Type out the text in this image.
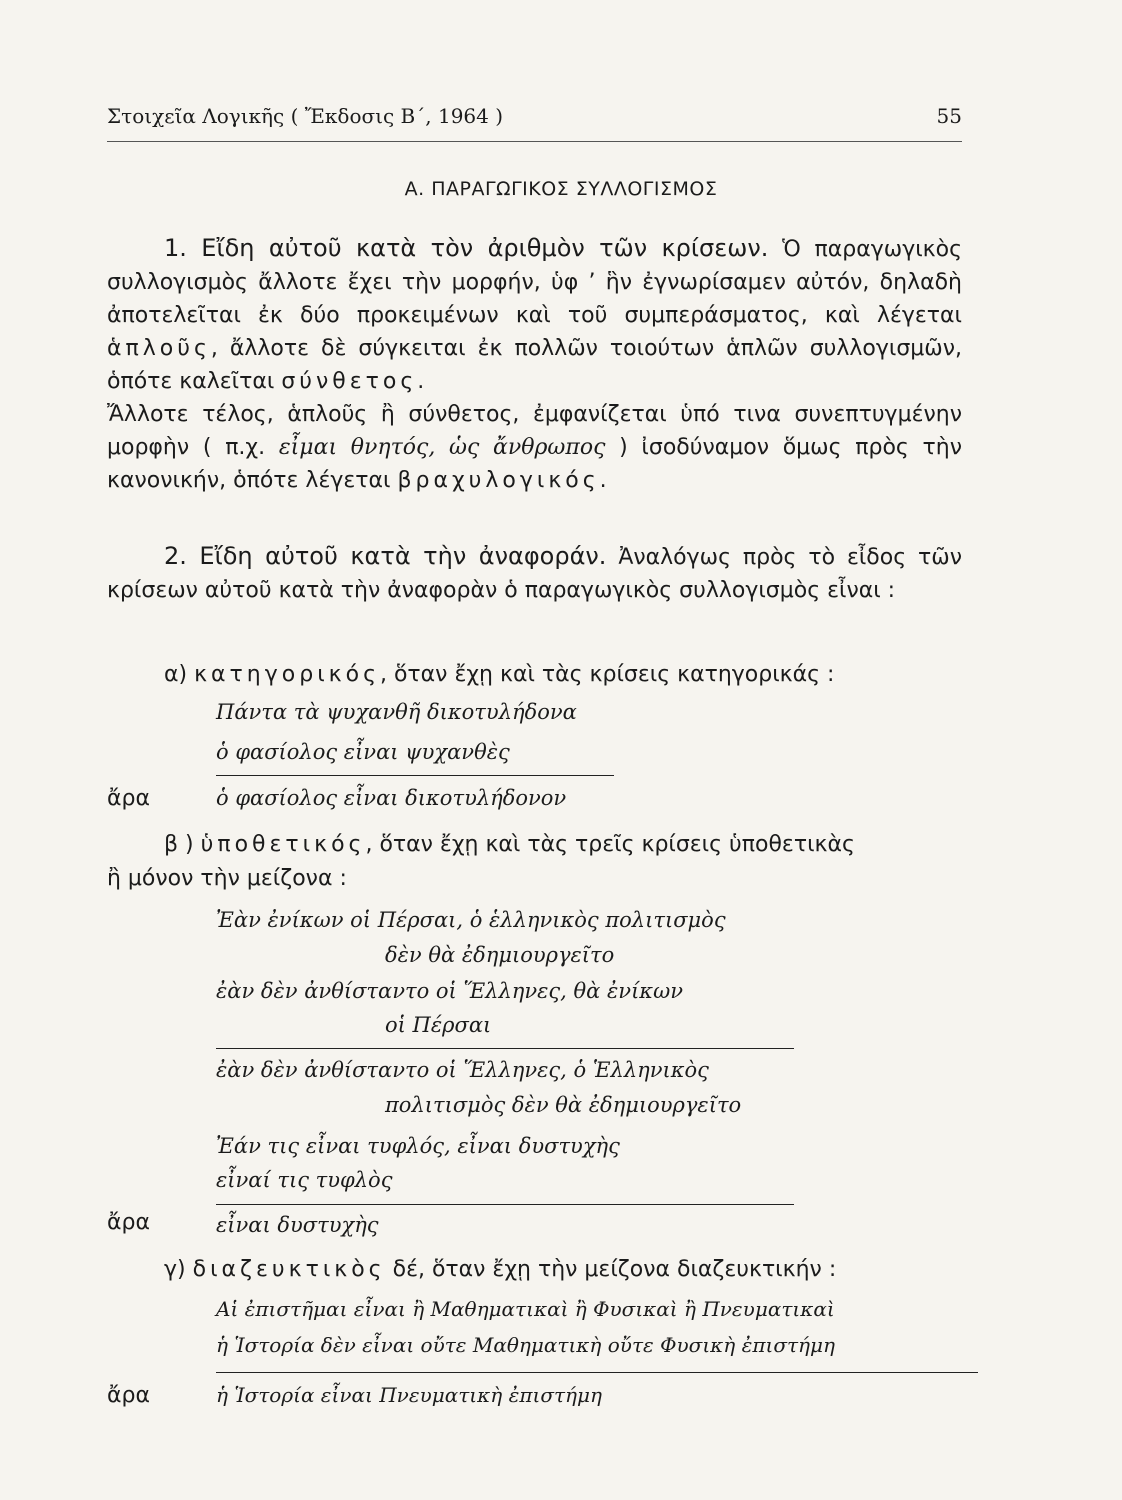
Στοιχεῖα Λογικῆς ( Ἔκδοσις Β΄, 1964 )	55
Α. ΠΑΡΑΓΩΓΙΚΟΣ ΣΥΛΛΟΓΙΣΜΟΣ

1. Εἴδη αὐτοῦ κατὰ τὸν ἀριθμὸν τῶν κρίσεων. Ὁ παραγωγικὸς συλλογισμὸς ἄλλοτε ἔχει τὴν μορφήν, ὑφ ’ ἣν ἐγνωρίσαμεν αὐτόν, δηλαδὴ ἀποτελεῖται ἐκ δύο προκειμένων καὶ τοῦ συμπεράσματος, καὶ λέγεται ἁπλοῦς, ἄλλοτε δὲ σύγκειται ἐκ πολλῶν τοιούτων ἁπλῶν συλλογισμῶν, ὁπότε καλεῖται σύνθετος.

Ἄλλοτε τέλος, ἁπλοῦς ἢ σύνθετος, ἐμφανίζεται ὑπό τινα συνεπτυγμένην μορφὴν ( π.χ. εἶμαι θνητός, ὡς ἄνθρωπος ) ἰσοδύναμον ὅμως πρὸς τὴν κανονικήν, ὁπότε λέγεται βραχυλογικός.

2. Εἴδη αὐτοῦ κατὰ τὴν ἀναφοράν. Ἀναλόγως πρὸς τὸ εἶδος τῶν κρίσεων αὐτοῦ κατὰ τὴν ἀναφορὰν ὁ παραγωγικὸς συλλογισμὸς εἶναι :

α) κατηγορικός, ὅταν ἔχῃ καὶ τὰς κρίσεις κατηγορικάς :
Πάντα τὰ ψυχανθῆ δικοτυλήδονα
ὁ φασίολος εἶναι ψυχανθὲς
ἄρα	ὁ φασίολος εἶναι δικοτυλήδονον
β ) ὑποθετικός, ὅταν ἔχῃ καὶ τὰς τρεῖς κρίσεις ὑποθετικὰς
ἢ μόνον τὴν μείζονα :
Ἐὰν ἐνίκων οἱ Πέρσαι, ὁ ἑλληνικὸς πολιτισμὸς
δὲν θὰ ἐδημιουργεῖτο
ἐὰν δὲν ἀνθίσταντο οἱ Ἕλληνες, θὰ ἐνίκων
οἱ Πέρσαι
ἐὰν δὲν ἀνθίσταντο οἱ Ἕλληνες, ὁ Ἑλληνικὸς
πολιτισμὸς δὲν θὰ ἐδημιουργεῖτο
Ἐάν τις εἶναι τυφλός, εἶναι δυστυχὴς
εἶναί τις τυφλὸς
ἄρα	εἶναι δυστυχὴς
γ) διαζευκτικὸς δέ, ὅταν ἔχῃ τὴν μείζονα διαζευκτικήν :
Αἱ ἐπιστῆμαι εἶναι ἢ Μαθηματικαὶ ἢ Φυσικαὶ ἢ Πνευματικαὶ
ἡ Ἱστορία δὲν εἶναι οὔτε Μαθηματικὴ οὔτε Φυσικὴ ἐπιστήμη
ἄρα	ἡ Ἱστορία εἶναι Πνευματικὴ ἐπιστήμη
